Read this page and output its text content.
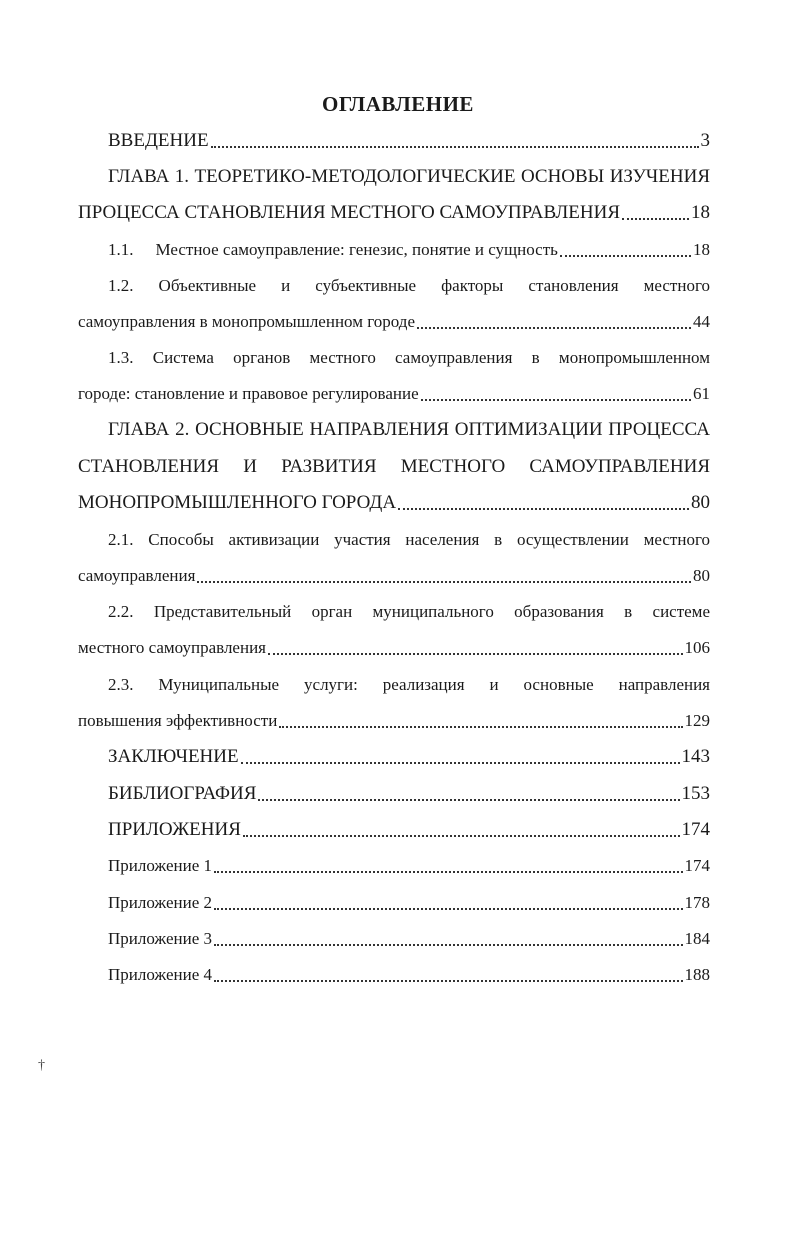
ОГЛАВЛЕНИЕ
ВВЕДЕНИЕ	3
ГЛАВА 1. ТЕОРЕТИКО-МЕТОДОЛОГИЧЕСКИЕ ОСНОВЫ ИЗУЧЕНИЯ
ПРОЦЕССА СТАНОВЛЕНИЯ МЕСТНОГО САМОУПРАВЛЕНИЯ	18
1.1. Местное самоуправление: генезис, понятие и сущность	18
1.2. Объективные и субъективные факторы становления местного
самоуправления в монопромышленном городе	44
1.3. Система органов местного самоуправления в монопромышленном
городе: становление и правовое регулирование	61
ГЛАВА 2. ОСНОВНЫЕ НАПРАВЛЕНИЯ ОПТИМИЗАЦИИ ПРОЦЕССА
СТАНОВЛЕНИЯ И РАЗВИТИЯ МЕСТНОГО САМОУПРАВЛЕНИЯ
МОНОПРОМЫШЛЕННОГО ГОРОДА	80
2.1. Способы активизации участия населения в осуществлении местного
самоуправления	80
2.2. Представительный орган муниципального образования в системе
местного самоуправления	106
2.3. Муниципальные услуги: реализация и основные направления
повышения эффективности	129
ЗАКЛЮЧЕНИЕ	143
БИБЛИОГРАФИЯ	153
ПРИЛОЖЕНИЯ	174
Приложение 1	174
Приложение 2	178
Приложение 3	184
Приложение 4	188
†
